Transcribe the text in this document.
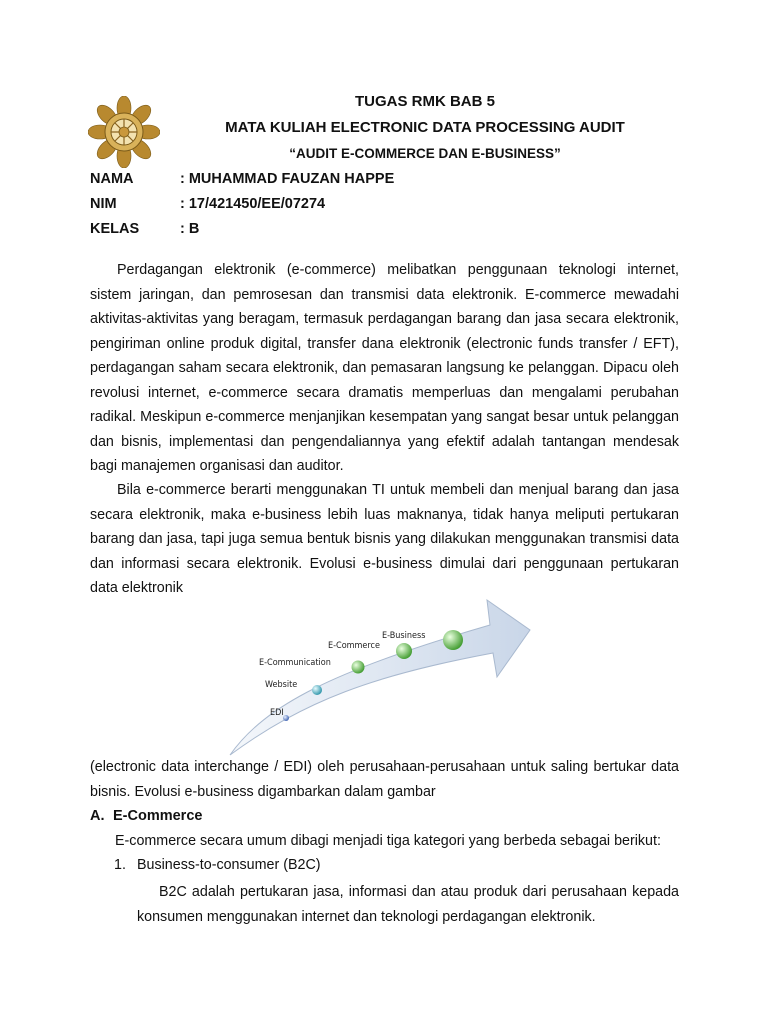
TUGAS RMK BAB 5
MATA KULIAH ELECTRONIC DATA PROCESSING AUDIT
“AUDIT E-COMMERCE DAN E-BUSINESS”
NAMA	: MUHAMMAD FAUZAN HAPPE
NIM	: 17/421450/EE/07274
KELAS	: B

Perdagangan elektronik (e-commerce) melibatkan penggunaan teknologi internet, sistem jaringan, dan pemrosesan dan transmisi data elektronik. E-commerce mewadahi aktivitas-aktivitas yang beragam, termasuk perdagangan barang dan jasa secara elektronik, pengiriman online produk digital, transfer dana elektronik (electronic funds transfer / EFT), perdagangan saham secara elektronik, dan pemasaran langsung ke pelanggan. Dipacu oleh revolusi internet, e-commerce secara dramatis memperluas dan mengalami perubahan radikal. Meskipun e-commerce menjanjikan kesempatan yang sangat besar untuk pelanggan dan bisnis, implementasi dan pengendaliannya yang efektif adalah tantangan mendesak bagi manajemen organisasi dan auditor.

Bila e-commerce berarti menggunakan TI untuk membeli dan menjual barang dan jasa secara elektronik, maka e-business lebih luas maknanya, tidak hanya meliputi pertukaran barang dan jasa, tapi juga semua bentuk bisnis yang dilakukan menggunakan transmisi data dan informasi secara elektronik. Evolusi e-business dimulai dari penggunaan pertukaran data elektronik

EDI
Website
E-Communication
E-Commerce
E-Business

(electronic data interchange / EDI) oleh perusahaan-perusahaan untuk saling bertukar data bisnis. Evolusi e-business digambarkan dalam gambar

A. E-Commerce
E-commerce secara umum dibagi menjadi tiga kategori yang berbeda sebagai berikut:
1. Business-to-consumer (B2C)

B2C adalah pertukaran jasa, informasi dan atau produk dari perusahaan kepada konsumen menggunakan internet dan teknologi perdagangan elektronik.
